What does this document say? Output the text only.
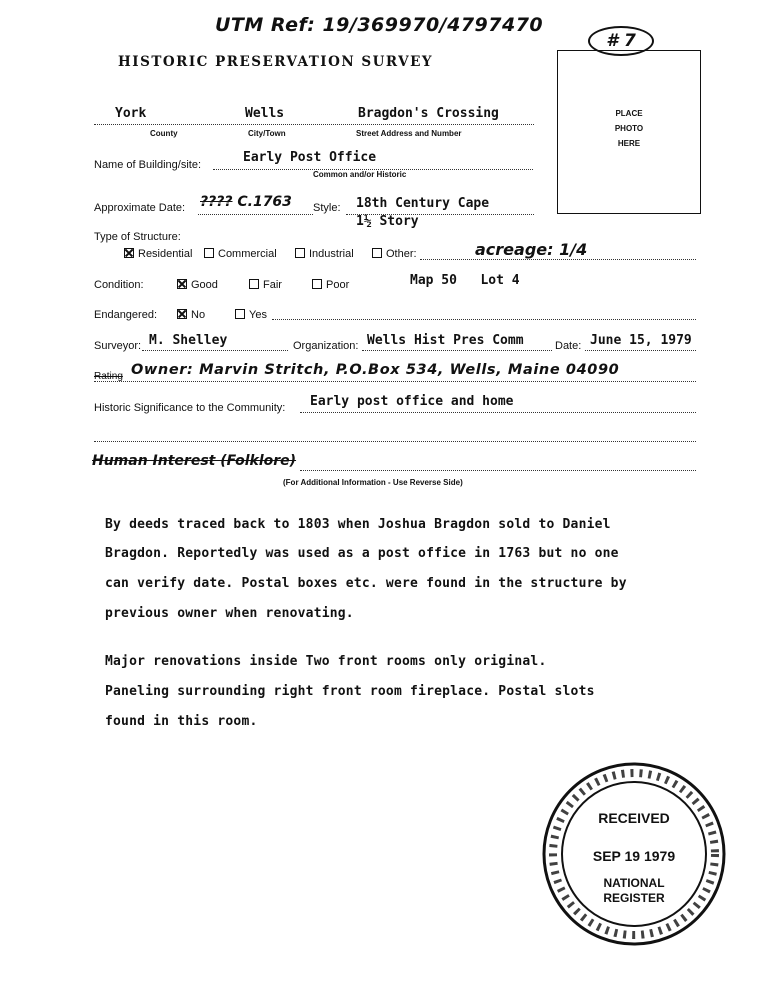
UTM Ref: 19/369970/4797470
# 7
HISTORIC PRESERVATION SURVEY
PLACE
PHOTO
HERE
York	Wells	Bragdon's Crossing
County	City/Town	Street Address and Number
Name of Building/site:	Early Post Office
Common and/or Historic
Approximate Date: ???? C.1763 Style: 18th Century Cape
1½ Story
Type of Structure:
Residential	Commercial	Industrial	Other:	acreage: 1/4
Condition:	Good	Fair	Poor	Map 50   Lot 4
Endangered:	No	Yes
Surveyor: M. Shelley	Organization: Wells Hist Pres Comm	Date: June 15, 1979
Rating Owner: Marvin Stritch, P.O.Box 534, Wells, Maine 04090
Historic Significance to the Community: Early post office and home
Human Interest (Folklore)
(For Additional Information - Use Reverse Side)
By deeds traced back to 1803 when Joshua Bragdon sold to Daniel
Bragdon. Reportedly was used as a post office in 1763 but no one
can verify date. Postal boxes etc. were found in the structure by
previous owner when renovating.
Major renovations inside Two front rooms only original.
Paneling surrounding right front room fireplace. Postal slots
found in this room.
RECEIVED
SEP 19 1979
NATIONAL
REGISTER
